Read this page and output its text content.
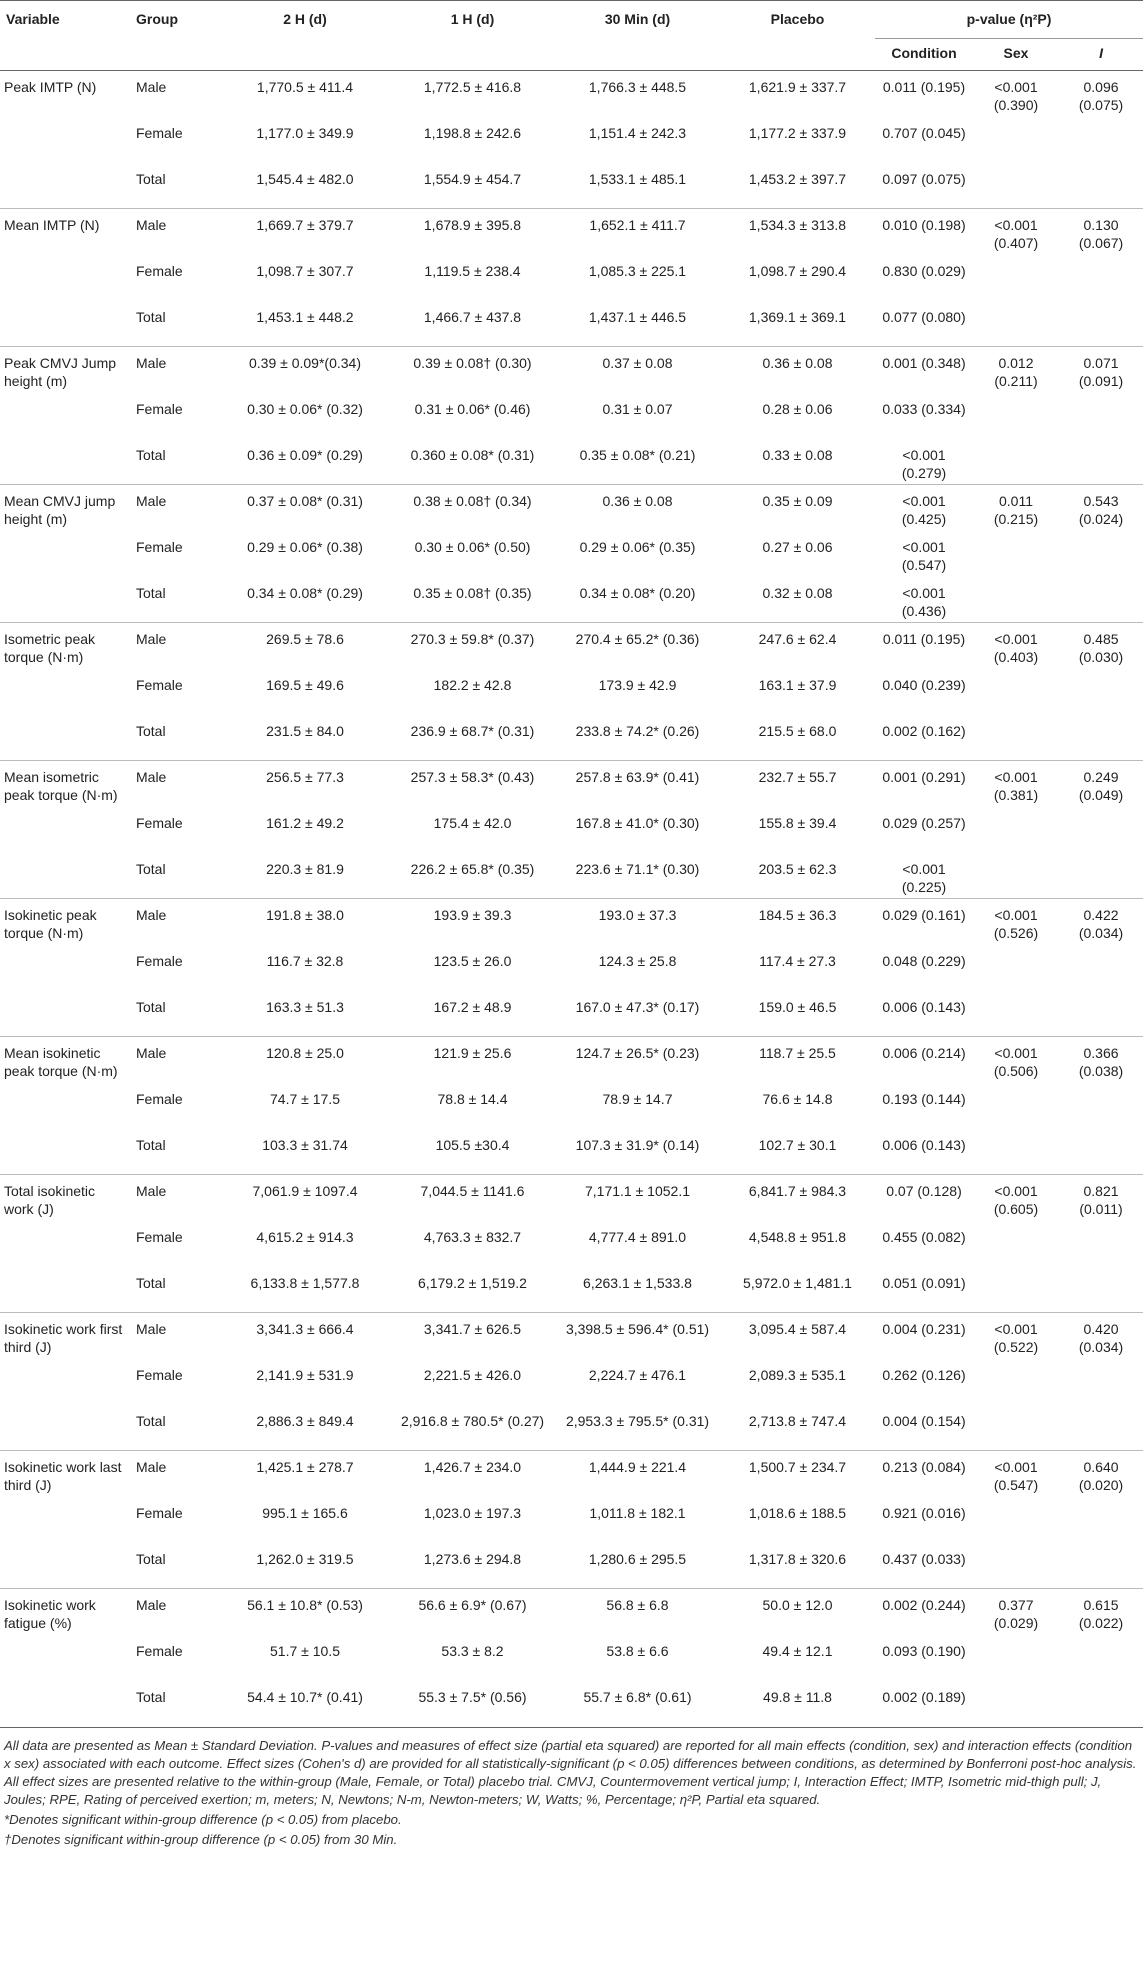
Variable	Group	2 H (d)	1 H (d)	30 Min (d)	Placebo	p-value (η²P)		
						Condition	Sex	I
Peak IMTP (N)	Male	1,770.5 ± 411.4	1,772.5 ± 416.8	1,766.3 ± 448.5	1,621.9 ± 337.7	0.011 (0.195)	<0.001 (0.390)	0.096 (0.075)
	Female	1,177.0 ± 349.9	1,198.8 ± 242.6	1,151.4 ± 242.3	1,177.2 ± 337.9	0.707 (0.045)		
	Total	1,545.4 ± 482.0	1,554.9 ± 454.7	1,533.1 ± 485.1	1,453.2 ± 397.7	0.097 (0.075)		
Mean IMTP (N)	Male	1,669.7 ± 379.7	1,678.9 ± 395.8	1,652.1 ± 411.7	1,534.3 ± 313.8	0.010 (0.198)	<0.001 (0.407)	0.130 (0.067)
	Female	1,098.7 ± 307.7	1,119.5 ± 238.4	1,085.3 ± 225.1	1,098.7 ± 290.4	0.830 (0.029)		
	Total	1,453.1 ± 448.2	1,466.7 ± 437.8	1,437.1 ± 446.5	1,369.1 ± 369.1	0.077 (0.080)		
Peak CMVJ Jump height (m)	Male	0.39 ± 0.09*(0.34)	0.39 ± 0.08† (0.30)	0.37 ± 0.08	0.36 ± 0.08	0.001 (0.348)	0.012 (0.211)	0.071 (0.091)
	Female	0.30 ± 0.06* (0.32)	0.31 ± 0.06* (0.46)	0.31 ± 0.07	0.28 ± 0.06	0.033 (0.334)		
	Total	0.36 ± 0.09* (0.29)	0.360 ± 0.08* (0.31)	0.35 ± 0.08* (0.21)	0.33 ± 0.08	<0.001 (0.279)		
Mean CMVJ jump height (m)	Male	0.37 ± 0.08* (0.31)	0.38 ± 0.08† (0.34)	0.36 ± 0.08	0.35 ± 0.09	<0.001 (0.425)	0.011 (0.215)	0.543 (0.024)
	Female	0.29 ± 0.06* (0.38)	0.30 ± 0.06* (0.50)	0.29 ± 0.06* (0.35)	0.27 ± 0.06	<0.001 (0.547)		
	Total	0.34 ± 0.08* (0.29)	0.35 ± 0.08† (0.35)	0.34 ± 0.08* (0.20)	0.32 ± 0.08	<0.001 (0.436)		
Isometric peak torque (N·m)	Male	269.5 ± 78.6	270.3 ± 59.8* (0.37)	270.4 ± 65.2* (0.36)	247.6 ± 62.4	0.011 (0.195)	<0.001 (0.403)	0.485 (0.030)
	Female	169.5 ± 49.6	182.2 ± 42.8	173.9 ± 42.9	163.1 ± 37.9	0.040 (0.239)		
	Total	231.5 ± 84.0	236.9 ± 68.7* (0.31)	233.8 ± 74.2* (0.26)	215.5 ± 68.0	0.002 (0.162)		
Mean isometric peak torque (N·m)	Male	256.5 ± 77.3	257.3 ± 58.3* (0.43)	257.8 ± 63.9* (0.41)	232.7 ± 55.7	0.001 (0.291)	<0.001 (0.381)	0.249 (0.049)
	Female	161.2 ± 49.2	175.4 ± 42.0	167.8 ± 41.0* (0.30)	155.8 ± 39.4	0.029 (0.257)		
	Total	220.3 ± 81.9	226.2 ± 65.8* (0.35)	223.6 ± 71.1* (0.30)	203.5 ± 62.3	<0.001 (0.225)		
Isokinetic peak torque (N·m)	Male	191.8 ± 38.0	193.9 ± 39.3	193.0 ± 37.3	184.5 ± 36.3	0.029 (0.161)	<0.001 (0.526)	0.422 (0.034)
	Female	116.7 ± 32.8	123.5 ± 26.0	124.3 ± 25.8	117.4 ± 27.3	0.048 (0.229)		
	Total	163.3 ± 51.3	167.2 ± 48.9	167.0 ± 47.3* (0.17)	159.0 ± 46.5	0.006 (0.143)		
Mean isokinetic peak torque (N·m)	Male	120.8 ± 25.0	121.9 ± 25.6	124.7 ± 26.5* (0.23)	118.7 ± 25.5	0.006 (0.214)	<0.001 (0.506)	0.366 (0.038)
	Female	74.7 ± 17.5	78.8 ± 14.4	78.9 ± 14.7	76.6 ± 14.8	0.193 (0.144)		
	Total	103.3 ± 31.74	105.5 ±30.4	107.3 ± 31.9* (0.14)	102.7 ± 30.1	0.006 (0.143)		
Total isokinetic work (J)	Male	7,061.9 ± 1097.4	7,044.5 ± 1141.6	7,171.1 ± 1052.1	6,841.7 ± 984.3	0.07 (0.128)	<0.001 (0.605)	0.821 (0.011)
	Female	4,615.2 ± 914.3	4,763.3 ± 832.7	4,777.4 ± 891.0	4,548.8 ± 951.8	0.455 (0.082)		
	Total	6,133.8 ± 1,577.8	6,179.2 ± 1,519.2	6,263.1 ± 1,533.8	5,972.0 ± 1,481.1	0.051 (0.091)		
Isokinetic work first third (J)	Male	3,341.3 ± 666.4	3,341.7 ± 626.5	3,398.5 ± 596.4* (0.51)	3,095.4 ± 587.4	0.004 (0.231)	<0.001 (0.522)	0.420 (0.034)
	Female	2,141.9 ± 531.9	2,221.5 ± 426.0	2,224.7 ± 476.1	2,089.3 ± 535.1	0.262 (0.126)		
	Total	2,886.3 ± 849.4	2,916.8 ± 780.5* (0.27)	2,953.3 ± 795.5* (0.31)	2,713.8 ± 747.4	0.004 (0.154)		
Isokinetic work last third (J)	Male	1,425.1 ± 278.7	1,426.7 ± 234.0	1,444.9 ± 221.4	1,500.7 ± 234.7	0.213 (0.084)	<0.001 (0.547)	0.640 (0.020)
	Female	995.1 ± 165.6	1,023.0 ± 197.3	1,011.8 ± 182.1	1,018.6 ± 188.5	0.921 (0.016)		
	Total	1,262.0 ± 319.5	1,273.6 ± 294.8	1,280.6 ± 295.5	1,317.8 ± 320.6	0.437 (0.033)		
Isokinetic work fatigue (%)	Male	56.1 ± 10.8* (0.53)	56.6 ± 6.9* (0.67)	56.8 ± 6.8	50.0 ± 12.0	0.002 (0.244)	0.377 (0.029)	0.615 (0.022)
	Female	51.7 ± 10.5	53.3 ± 8.2	53.8 ± 6.6	49.4 ± 12.1	0.093 (0.190)		
	Total	54.4 ± 10.7* (0.41)	55.3 ± 7.5* (0.56)	55.7 ± 6.8* (0.61)	49.8 ± 11.8	0.002 (0.189)		

All data are presented as Mean ± Standard Deviation. P-values and measures of effect size (partial eta squared) are reported for all main effects (condition, sex) and interaction effects (condition x sex) associated with each outcome. Effect sizes (Cohen's d) are provided for all statistically-significant (p < 0.05) differences between conditions, as determined by Bonferroni post-hoc analysis. All effect sizes are presented relative to the within-group (Male, Female, or Total) placebo trial. CMVJ, Countermovement vertical jump; I, Interaction Effect; IMTP, Isometric mid-thigh pull; J, Joules; RPE, Rating of perceived exertion; m, meters; N, Newtons; N-m, Newton-meters; W, Watts; %, Percentage; η²P, Partial eta squared.

*Denotes significant within-group difference (p < 0.05) from placebo.

†Denotes significant within-group difference (p < 0.05) from 30 Min.
